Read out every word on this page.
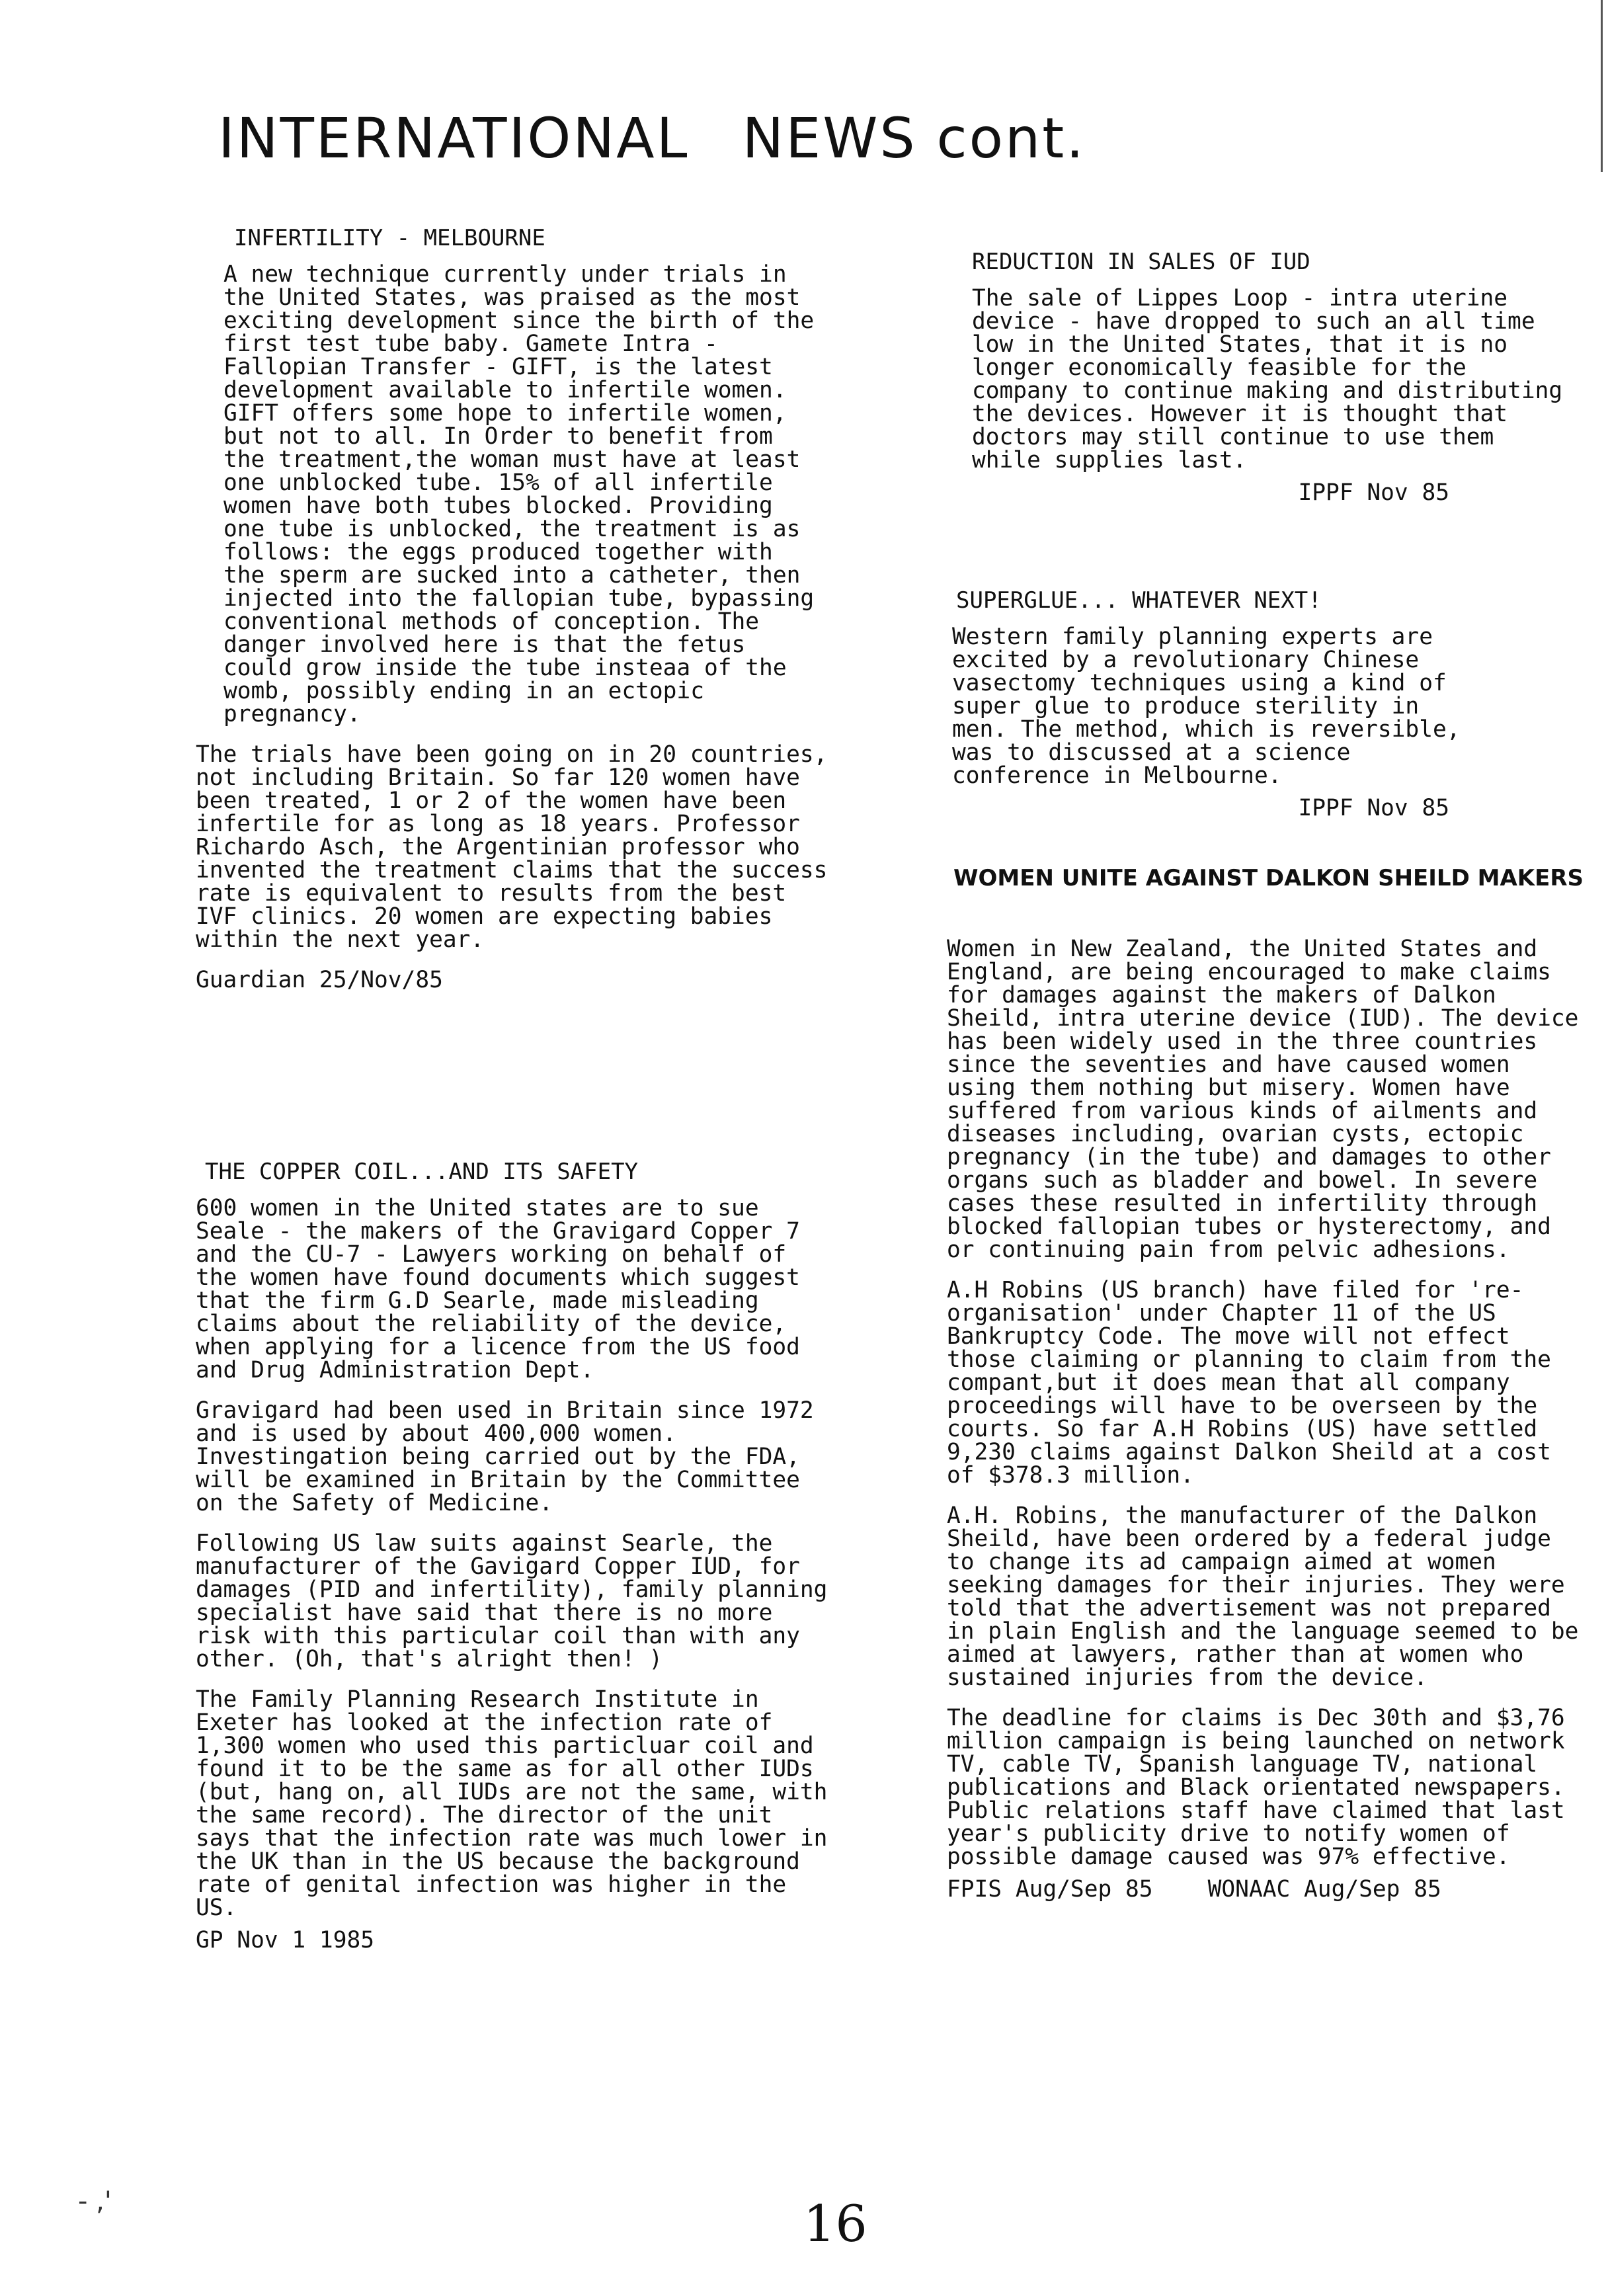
INTERNATIONAL NEWS cont.
INFERTILITY - MELBOURNE

A new technique currently under trials in the United States, was praised as the most exciting development since the birth of the first test tube baby. Gamete Intra - Fallopian Transfer - GIFT, is the latest development available to infertile women. GIFT offers some hope to infertile women, but not to all. In Order to benefit from the treatment,the woman must have at least one unblocked tube. 15% of all infertile women have both tubes blocked. Providing one tube is unblocked, the treatment is as follows: the eggs produced together with the sperm are sucked into a catheter, then injected into the fallopian tube, bypassing conventional methods of conception. The danger involved here is that the fetus could grow inside the tube insteaa of the womb, possibly ending in an ectopic pregnancy.

The trials have been going on in 20 countries, not including Britain. So far 120 women have been treated, 1 or 2 of the women have been infertile for as long as 18 years. Professor Richardo Asch, the Argentinian professor who invented the treatment claims that the success rate is equivalent to results from the best IVF clinics. 20 women are expecting babies within the next year.

Guardian 25/Nov/85

THE COPPER COIL...AND ITS SAFETY

600 women in the United states are to sue Seale - the makers of the Gravigard Copper 7 and the CU-7 - Lawyers working on behalf of the women have found documents which suggest that the firm G.D Searle, made misleading claims about the reliability of the device, when applying for a licence from the US food and Drug Administration Dept.

Gravigard had been used in Britain since 1972 and is used by about 400,000 women. Investingation being carried out by the FDA, will be examined in Britain by the Committee on the Safety of Medicine.

Following US law suits against Searle, the manufacturer of the Gavigard Copper IUD, for damages (PID and infertility), family planning specialist have said that there is no more risk with this particular coil than with any other. (Oh, that's alright then! )

The Family Planning Research Institute in Exeter has looked at the infection rate of 1,300 women who used this particluar coil and found it to be the same as for all other IUDs (but, hang on, all IUDs are not the same, with the same record). The director of the unit says that the infection rate was much lower in the UK than in the US because the background rate of genital infection was higher in the US.

GP Nov 1 1985

REDUCTION IN SALES OF IUD

The sale of Lippes Loop - intra uterine device - have dropped to such an all time low in the United States, that it is no longer economically feasible for the company to continue making and distributing the devices. However it is thought that doctors may still continue to use them while supplies last.

IPPF Nov 85

SUPERGLUE... WHATEVER NEXT!

Western family planning experts are excited by a revolutionary Chinese vasectomy techniques using a kind of super glue to produce sterility in men. The method, which is reversible, was to discussed at a science conference in Melbourne.

IPPF Nov 85

WOMEN UNITE AGAINST DALKON SHEILD MAKERS

Women in New Zealand, the United States and England, are being encouraged to make claims for damages against the makers of Dalkon Sheild, intra uterine device (IUD). The device has been widely used in the three countries since the seventies and have caused women using them nothing but misery. Women have suffered from various kinds of ailments and diseases including, ovarian cysts, ectopic pregnancy (in the tube) and damages to other organs such as bladder and bowel. In severe cases these resulted in infertility through blocked fallopian tubes or hysterectomy, and or continuing pain from pelvic adhesions.

A.H Robins (US branch) have filed for 're-organisation' under Chapter 11 of the US Bankruptcy Code. The move will not effect those claiming or planning to claim from the compant,but it does mean that all company proceedings will have to be overseen by the courts. So far A.H Robins (US) have settled 9,230 claims against Dalkon Sheild at a cost of $378.3 million.

A.H. Robins, the manufacturer of the Dalkon Sheild, have been ordered by a federal judge to change its ad campaign aimed at women seeking damages for their injuries. They were told that the advertisement was not prepared in plain English and the language seemed to be aimed at lawyers, rather than at women who sustained injuries from the device.

The deadline for claims is Dec 30th and $3,76 million campaign is being launched on network TV, cable TV, Spanish language TV, national publications and Black orientated newspapers. Public relations staff have claimed that last year's publicity drive to notify women of possible damage caused was 97% effective.

FPIS Aug/Sep 85    WONAAC Aug/Sep 85

- ,'	16
